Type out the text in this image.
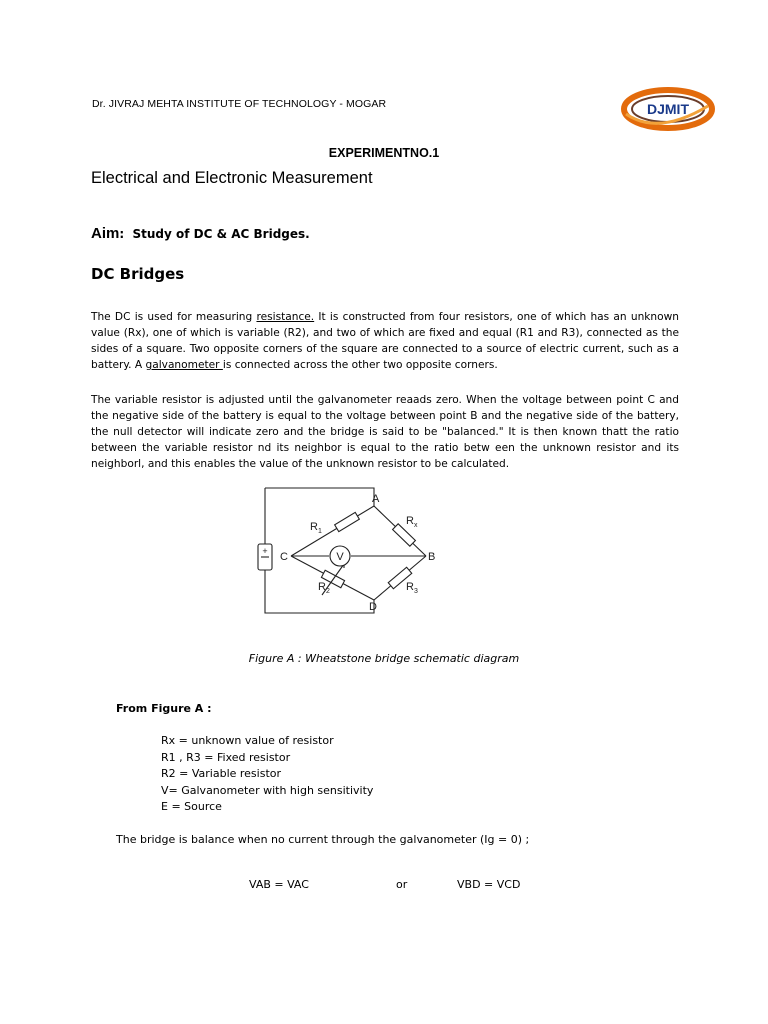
Dr. JIVRAJ MEHTA INSTITUTE OF TECHNOLOGY - MOGAR	DJMIT
EXPERIMENTNO.1
Electrical and Electronic Measurement
Aim:  Study of DC & AC Bridges.
DC Bridges
The DC is used for measuring resistance. It is constructed from four resistors, one of which has an unknown value (Rx), one of which is variable (R2), and two of which are fixed and equal (R1 and R3), connected as the sides of a square. Two opposite corners of the square are connected to a source of electric current, such as a battery. A galvanometer is connected across the other two opposite corners.
The variable resistor is adjusted until the galvanometer reaads zero. When the voltage between point C and the negative side of the battery is equal to the voltage between point B and the negative side of the battery, the null detector will indicate zero and the bridge is said to be "balanced." It is then known thatt the ratio between the variable resistor nd its neighbor is equal to the ratio betw een the unknown resistor and its neighborl, and this enables the value of the unknown resistor to be calculated.
V
+
A
B
C
D
$R_1$
$R_x$
$R_2$	$R_3$
Figure A : Wheatstone bridge schematic diagram
From Figure A :
Rx = unknown value of resistor
R1 , R3 = Fixed resistor
R2 = Variable resistor
V= Galvanometer with high sensitivity
E = Source
The bridge is balance when no current through the galvanometer (Ig = 0) ;
VAB = VAC	or	VBD = VCD
